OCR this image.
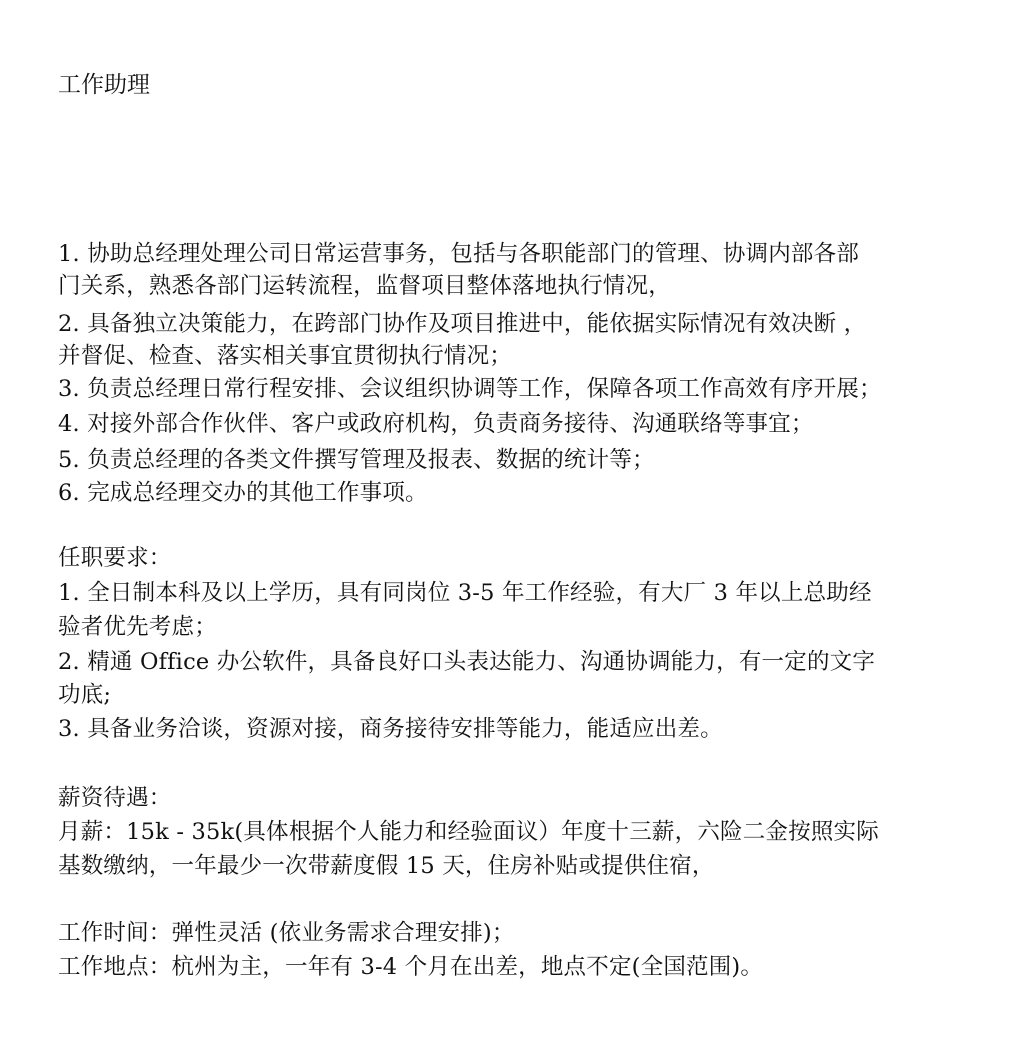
工作助理
1. 协助总经理处理公司日常运营事务，包括与各职能部门的管理、协调内部各部
门关系，熟悉各部门运转流程，监督项目整体落地执行情况，
2. 具备独立决策能力，在跨部门协作及项目推进中，能依据实际情况有效决断 ，
并督促、检查、落实相关事宜贯彻执行情况；
3. 负责总经理日常行程安排、会议组织协调等工作，保障各项工作高效有序开展；
4. 对接外部合作伙伴、客户或政府机构，负责商务接待、沟通联络等事宜；
5. 负责总经理的各类文件撰写管理及报表、数据的统计等；
6. 完成总经理交办的其他工作事项。
任职要求：
1. 全日制本科及以上学历，具有同岗位 3-5 年工作经验，有大厂 3 年以上总助经
验者优先考虑；
2. 精通 Office 办公软件，具备良好口头表达能力、沟通协调能力，有一定的文字
功底;
3. 具备业务洽谈，资源对接，商务接待安排等能力，能适应出差。
薪资待遇：
月薪：15k - 35k(具体根据个人能力和经验面议）年度十三薪，六险二金按照实际
基数缴纳，一年最少一次带薪度假 15 天，住房补贴或提供住宿，
工作时间：弹性灵活 (依业务需求合理安排)；
工作地点：杭州为主，一年有 3-4 个月在出差，地点不定(全国范围)。
